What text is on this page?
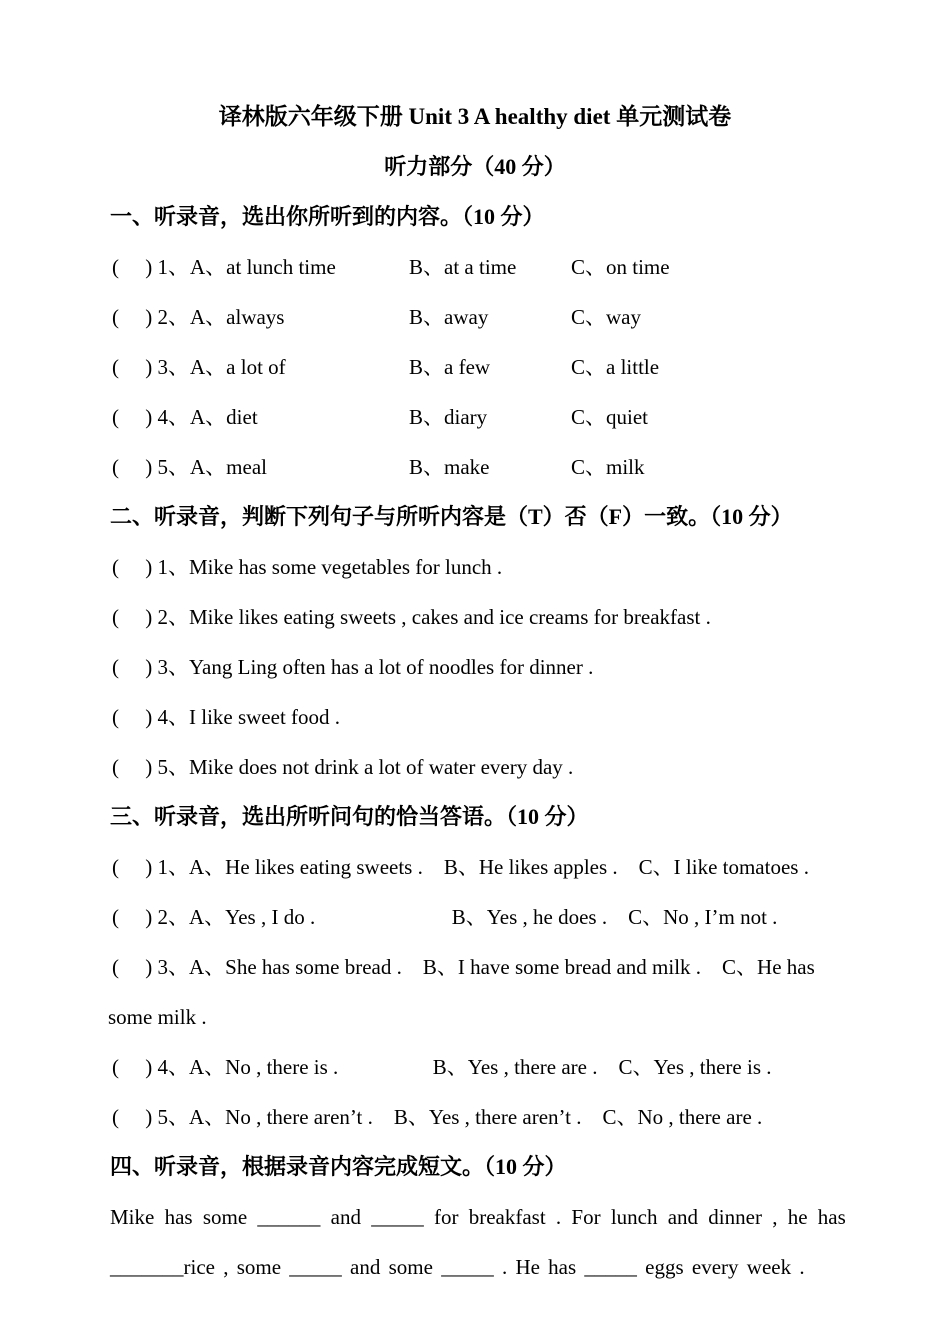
译林版六年级下册 Unit 3 A healthy diet 单元测试卷
听力部分（40 分）
一、听录音，选出你所听到的内容。（10 分）
(     ) 1、 A、at lunch time	B、at a time	C、on time
(     ) 2、 A、always	B、away	C、way
(     ) 3、 A、a lot of	B、a few	C、a little
(     ) 4、 A、diet	B、diary	C、quiet
(     ) 5、 A、meal	B、make	C、milk
二、听录音，判断下列句子与所听内容是（T）否（F）一致。（10 分）
(     ) 1、Mike has some vegetables for lunch .
(     ) 2、Mike likes eating sweets , cakes and ice creams for breakfast .
(     ) 3、Yang Ling often has a lot of noodles for dinner .
(     ) 4、I like sweet food .
(     ) 5、Mike does not drink a lot of water every day .
三、听录音，选出所听问句的恰当答语。（10 分）
(     ) 1、A、He likes eating sweets .    B、He likes apples .    C、I like tomatoes .
(     ) 2、A、Yes , I do .                          B、Yes , he does .    C、No , I’m not .
(     ) 3、A、She has some bread .    B、I have some bread and milk .    C、He has
some milk .
(     ) 4、A、No , there is .                  B、Yes , there are .    C、Yes , there is .
(     ) 5、A、No , there aren’t .    B、Yes , there aren’t .    C、No , there are .
四、听录音，根据录音内容完成短文。（10 分）
Mike has some ______ and _____ for breakfast . For lunch and dinner , he has
_______rice , some _____ and some _____ . He has _____ eggs every week .
